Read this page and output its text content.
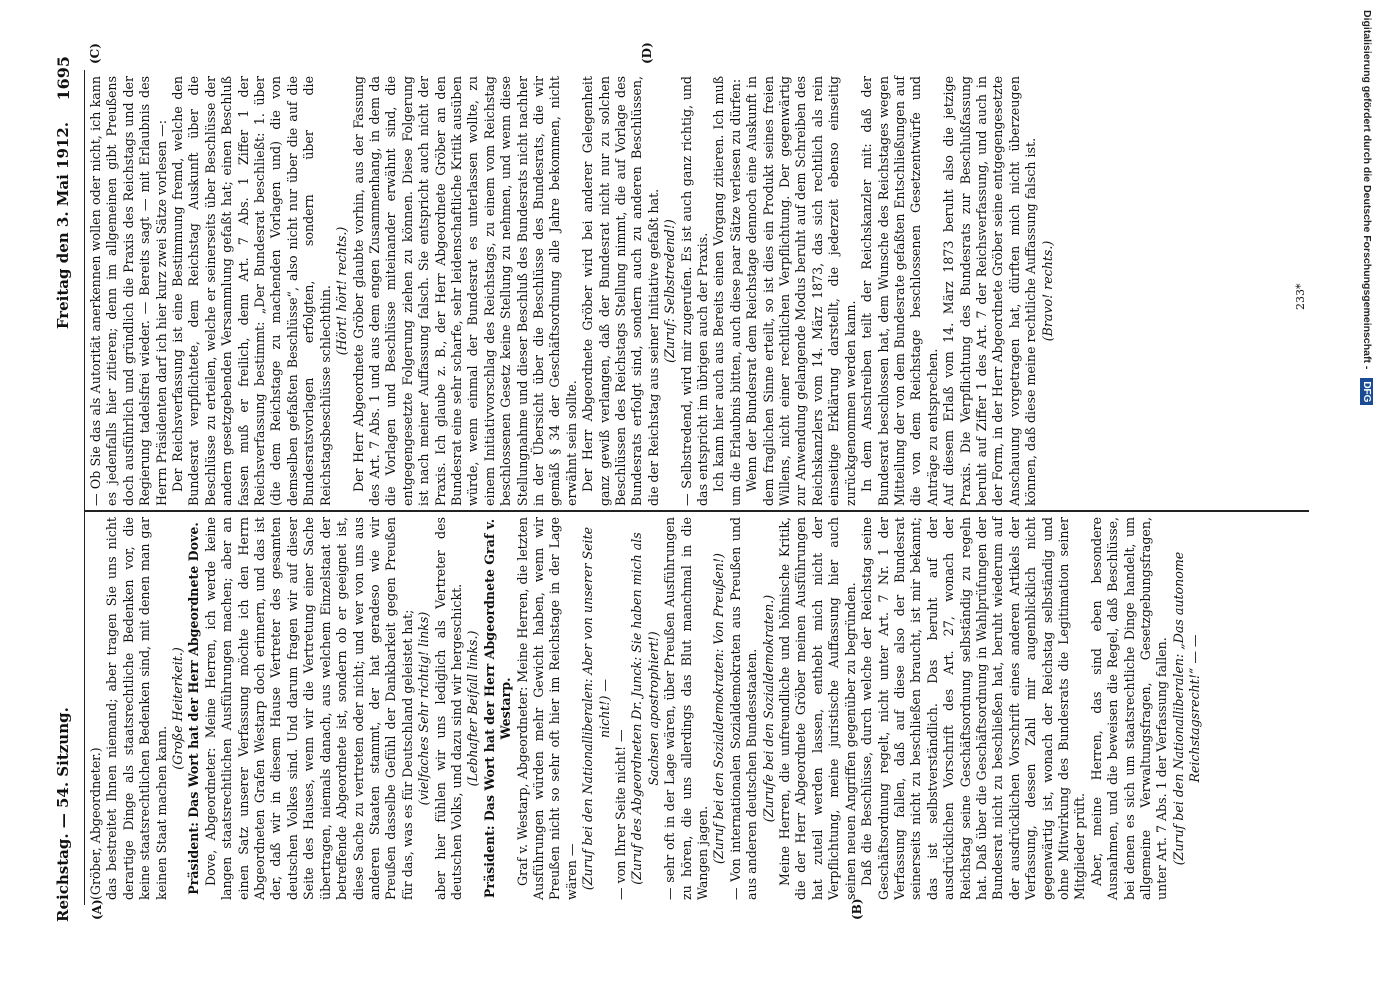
Reichstag. — 54. Sitzung.
Freitag den 3. Mai 1912.
1695
(A)	(B)
(C)	(D)

(Gröber, Abgeordneter.) das bestreitet Ihnen niemand; aber tragen Sie uns nicht derartige Dinge als staatsrechtliche Bedenken vor, die keine staatsrechtlichen Bedenken sind, mit denen man gar keinen Staat machen kann.

(Große Heiterkeit.) Präsident: Das Wort hat der Herr Abgeordnete Dove. Dove, Abgeordneter: Meine Herren, ich werde keine langen staatsrechtlichen Ausführungen machen; aber an einen Satz unserer Verfassung möchte ich den Herrn Abgeordneten Grafen Westarp doch erinnern, und das ist der, daß wir in diesem Hause Vertreter des gesamten deutschen Volkes sind. Und darum fragen wir auf dieser Seite des Hauses, wenn wir die Vertretung einer Sache übertragen, niemals danach, aus welchem Einzelstaat der betreffende Abgeordnete ist, sondern ob er geeignet ist, diese Sache zu vertreten oder nicht; und wer von uns aus anderen Staaten stammt, der hat geradeso wie wir Preußen dasselbe Gefühl der Dankbarkeit gegen Preußen für das, was es für Deutschland geleistet hat; (vielfaches Sehr richtig! links) aber hier fühlen wir uns lediglich als Vertreter des deutschen Volks, und dazu sind wir hergeschickt. (Lebhafter Beifall links.) Präsident: Das Wort hat der Herr Abgeordnete Graf v. Westarp. Graf v. Westarp, Abgeordneter: Meine Herren, die letzten Ausführungen würden mehr Gewicht haben, wenn wir Preußen nicht so sehr oft hier im Reichstage in der Lage wären — (Zuruf bei den Nationalliberalen: Aber von unserer Seite nicht!) —

— von Ihrer Seite nicht! — (Zuruf des Abgeordneten Dr. Junck: Sie haben mich als Sachsen apostrophiert!) — sehr oft in der Lage wären, über Preußen Ausführungen zu hören, die uns allerdings das Blut manchmal in die Wangen jagen. (Zuruf bei den Sozialdemokraten: Von Preußen!) — Von internationalen Sozialdemokraten aus Preußen und aus anderen deutschen Bundesstaaten. (Zurufe bei den Sozialdemokraten.) Meine Herren, die unfreundliche und höhnische Kritik, die der Herr Abgeordnete Gröber meinen Ausführungen hat zuteil werden lassen, enthebt mich nicht der Verpflichtung, meine juristische Auffassung hier auch seinen neuen Angriffen gegenüber zu begründen. Daß die Beschlüsse, durch welche der Reichstag seine Geschäftsordnung regelt, nicht unter Art. 7 Nr. 1 der Verfassung fallen, daß auf diese also der Bundesrat seinerseits nicht zu beschließen braucht, ist mir bekannt; das ist selbstverständlich. Das beruht auf der ausdrücklichen Vorschrift des Art. 27, wonach der Reichstag seine Geschäftsordnung selbständig zu regeln hat. Daß über die Geschäftsordnung in Wahlprüfungen der Bundesrat nicht zu beschließen hat, beruht wiederum auf der ausdrücklichen Vorschrift eines anderen Artikels der Verfassung, dessen Zahl mir augenblicklich nicht gegenwärtig ist, wonach der Reichstag selbständig und ohne Mitwirkung des Bundesrats die Legitimation seiner Mitglieder prüft. Aber, meine Herren, das sind eben besondere Ausnahmen, und die beweisen die Regel, daß Beschlüsse, bei denen es sich um staatsrechtliche Dinge handelt, um allgemeine Verwaltungsfragen, Gesetzgebungsfragen, unter Art. 7 Abs. 1 der Verfassung fallen. (Zuruf bei den Nationalliberalen: „Das autonome Reichstagsrecht!“ — —

— Ob Sie das als Autorität anerkennen wollen oder nicht, ich kann es jedenfalls hier zitieren; denn im allgemeinen gibt Preußens doch ausführlich und gründlich die Praxis des Reichstags und der Regierung tadelsfrei wieder. — Bereits sagt — mit Erlaubnis des Herrn Präsidenten darf ich hier kurz zwei Sätze vorlesen —: Der Reichsverfassung ist eine Bestimmung fremd, welche den Bundesrat verpflichtete, dem Reichstag Auskunft über die Beschlüsse zu erteilen, welche er seinerseits über Beschlüsse der andern gesetzgebenden Versammlung gefaßt hat; einen Beschluß fassen muß er freilich, denn Art. 7 Abs. 1 Ziffer 1 der Reichsverfassung bestimmt: „Der Bundesrat beschließt: 1. über (die dem Reichstage zu machenden Vorlagen und) die von demselben gefaßten Beschlüsse“, also nicht nur über die auf die Bundesratsvorlagen erfolgten, sondern über die Reichstagsbeschlüsse schlechthin. (Hört! hört! rechts.) Der Herr Abgeordnete Gröber glaubte vorhin, aus der Fassung des Art. 7 Abs. 1 und aus dem engen Zusammenhang, in dem da die Vorlagen und Beschlüsse miteinander erwähnt sind, die entgegengesetzte Folgerung ziehen zu können. Diese Folgerung ist nach meiner Auffassung falsch. Sie entspricht auch nicht der Praxis. Ich glaube z. B., der Herr Abgeordnete Gröber an den Bundesrat eine sehr scharfe, sehr leidenschaftliche Kritik ausüben würde, wenn einmal der Bundesrat es unterlassen wollte, zu einem Initiativvorschlag des Reichstags, zu einem vom Reichstag beschlossenen Gesetz keine Stellung zu nehmen, und wenn diese Stellungnahme und dieser Beschluß des Bundesrats nicht nachher in der Übersicht über die Beschlüsse des Bundesrats, die wir gemäß § 34 der Geschäftsordnung alle Jahre bekommen, nicht erwähnt sein sollte. Der Herr Abgeordnete Gröber wird bei anderer Gelegenheit ganz gewiß verlangen, daß der Bundesrat nicht nur zu solchen Beschlüssen des Reichstags Stellung nimmt, die auf Vorlage des Bundesrats erfolgt sind, sondern auch zu anderen Beschlüssen, die der Reichstag aus seiner Initiative gefaßt hat. (Zuruf: Selbstredend!) — Selbstredend, wird mir zugerufen. Es ist auch ganz richtig, und das entspricht im übrigen auch der Praxis. Ich kann hier auch aus Bereits einen Vorgang zitieren. Ich muß um die Erlaubnis bitten, auch diese paar Sätze verlesen zu dürfen: Wenn der Bundesrat dem Reichstage dennoch eine Auskunft in dem fraglichen Sinne erteilt, so ist dies ein Produkt seines freien Willens, nicht einer rechtlichen Verpflichtung. Der gegenwärtig zur Anwendung gelangende Modus beruht auf dem Schreiben des Reichskanzlers vom 14. März 1873, das sich rechtlich als rein einseitige Erklärung darstellt, die jederzeit ebenso einseitig zurückgenommen werden kann. In dem Anschreiben teilt der Reichskanzler mit: daß der Bundesrat beschlossen hat, dem Wunsche des Reichstages wegen Mitteilung der von dem Bundesrate gefaßten Entschließungen auf die von dem Reichstage beschlossenen Gesetzentwürfe und Anträge zu entsprechen. Auf diesem Erlaß vom 14. März 1873 beruht also die jetzige Praxis. Die Verpflichtung des Bundesrats zur Beschlußfassung beruht auf Ziffer 1 des Art. 7 der Reichsverfassung, und auch in der Form, in der Herr Abgeordnete Gröber seine entgegengesetzte Anschauung vorgetragen hat, dürften mich nicht überzeugen können, daß diese meine rechtliche Auffassung falsch ist. (Bravo! rechts.)	233*	Digitalisierung gefördert durch die Deutsche Forschungsgemeinschaft - DFG
